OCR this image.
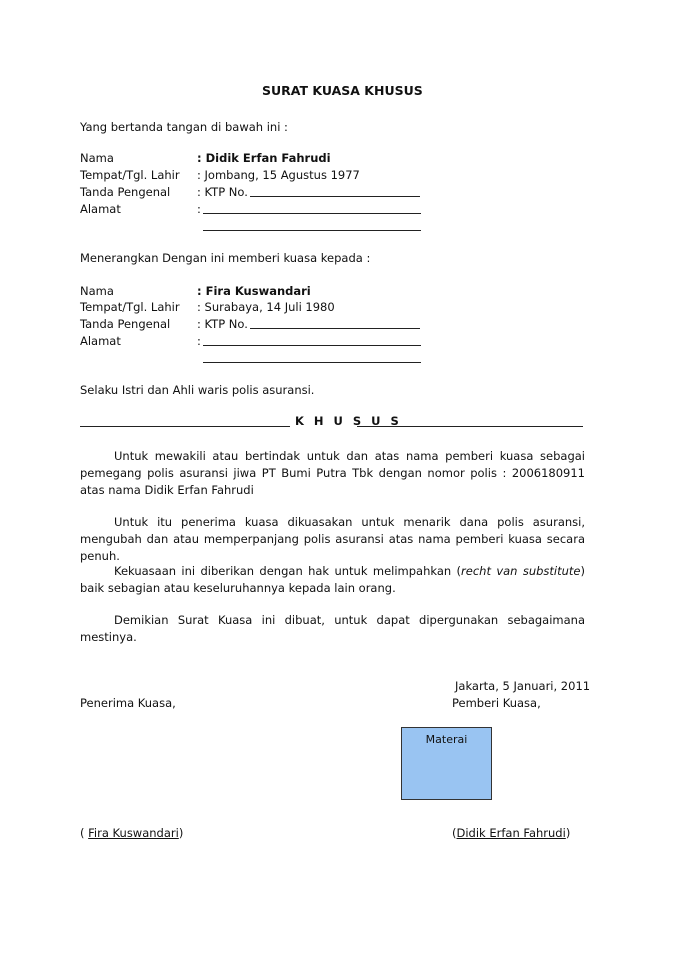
SURAT KUASA KHUSUS
Yang bertanda tangan di bawah ini :
Nama	: Didik Erfan Fahrudi
Tempat/Tgl. Lahir : Jombang, 15 Agustus 1977
Tanda Pengenal : KTP No.
Alamat	:
Menerangkan Dengan ini memberi kuasa kepada :
Nama	: Fira Kuswandari
Tempat/Tgl. Lahir : Surabaya, 14 Juli 1980
Tanda Pengenal : KTP No.
Alamat	:
Selaku Istri dan Ahli waris polis asuransi.
K H U S U S
Untuk mewakili atau bertindak untuk dan atas nama pemberi kuasa sebagai pemegang polis asuransi jiwa PT Bumi Putra Tbk dengan nomor polis : 2006180911 atas nama Didik Erfan Fahrudi
Untuk itu penerima kuasa dikuasakan untuk menarik dana polis asuransi, mengubah dan atau memperpanjang polis asuransi atas nama pemberi kuasa secara penuh.
Kekuasaan ini diberikan dengan hak untuk melimpahkan (recht van substitute) baik sebagian atau keseluruhannya kepada lain orang.
Demikian Surat Kuasa ini dibuat, untuk dapat dipergunakan sebagaimana mestinya.
Jakarta, 5 Januari, 2011
Penerima Kuasa,	Pemberi Kuasa,
Materai
( Fira Kuswandari)	(Didik Erfan Fahrudi)
